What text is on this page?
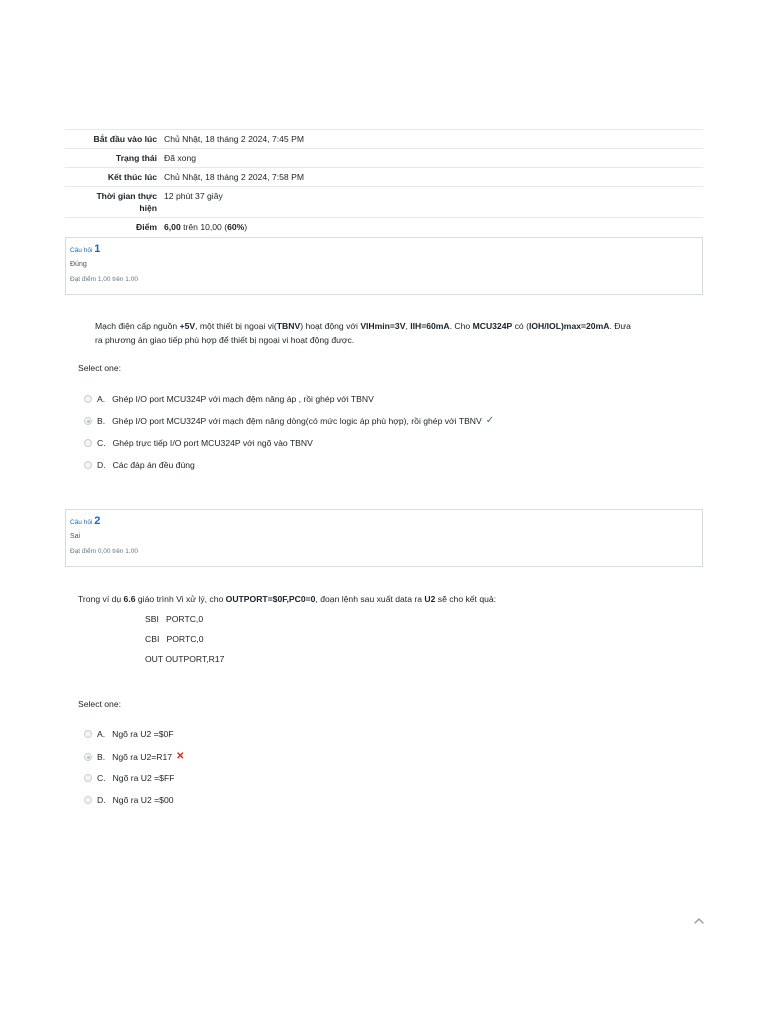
Bắt đầu vào lúc	Chủ Nhật, 18 tháng 2 2024, 7:45 PM
Trạng thái	Đã xong
Kết thúc lúc	Chủ Nhật, 18 tháng 2 2024, 7:58 PM
Thời gian thực
hiện	12 phút 37 giây
Điểm	6,00 trên 10,00 (60%)
Câu hỏi 1
Đúng
Đạt điểm 1,00 trên 1,00
Mạch điện cấp nguồn +5V, một thiết bị ngoại vi(TBNV) hoạt động với VIHmin=3V, IIH=60mA. Cho MCU324P có (IOH/IOL)max=20mA. Đưa
ra phương án giao tiếp phù hợp để thiết bị ngoại vi hoạt động được.
Select one:
A. Ghép I/O port MCU324P với mạch đệm nâng áp , rồi ghép với TBNV
B. Ghép I/O port MCU324P với mạch đệm nâng dòng(có mức logic áp phù hợp), rồi ghép với TBNV ✓
C. Ghép trực tiếp I/O port MCU324P với ngõ vào TBNV
D. Các đáp án đều đúng
Câu hỏi 2
Sai
Đạt điểm 0,00 trên 1,00
Trong ví dụ 6.6 giáo trình Vi xử lý, cho OUTPORT=$0F,PC0=0, đoạn lệnh sau xuất data ra U2 sẽ cho kết quả:
SBI   PORTC,0
CBI   PORTC,0
OUT OUTPORT,R17
Select one:
A. Ngõ ra U2 =$0F
B. Ngõ ra U2=R17 ✕
C. Ngõ ra U2 =$FF
D. Ngõ ra U2 =$00
